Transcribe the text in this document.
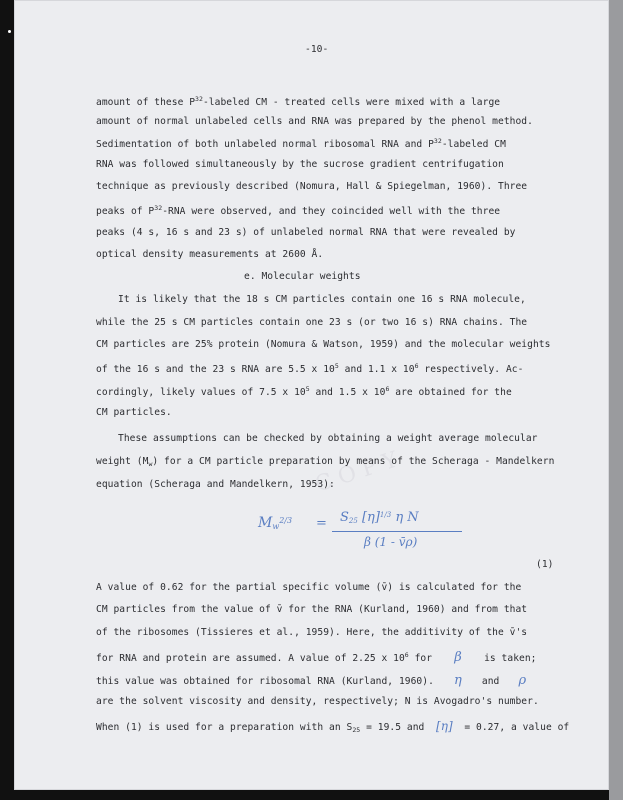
C O P Y
-10-
amount of these $P^{32}$-labeled CM - treated cells were mixed with a large
amount of normal unlabeled cells and RNA was prepared by the phenol method.
Sedimentation of both unlabeled normal ribosomal RNA and $P^{32}$-labeled CM
RNA was followed simultaneously by the sucrose gradient centrifugation
technique as previously described (Nomura, Hall & Spiegelman, 1960). Three
peaks of $P^{32}$-RNA were observed, and they coincided well with the three
peaks (4 s, 16 s and 23 s) of unlabeled normal RNA that were revealed by
optical density measurements at 2600 Å.
e. Molecular weights
It is likely that the 18 s CM particles contain one 16 s RNA molecule,
while the 25 s CM particles contain one 23 s (or two 16 s) RNA chains. The
CM particles are 25% protein (Nomura & Watson, 1959) and the molecular weights
of the 16 s and the 23 s RNA are 5.5 x $10^5$ and 1.1 x $10^6$ respectively. Ac-
cordingly, likely values of 7.5 x $10^5$ and 1.5 x $10^6$ are obtained for the
CM particles.
These assumptions can be checked by obtaining a weight average molecular
weight $(M_w)$ for a CM particle preparation by means of the Scheraga - Mandelkern
equation (Scheraga and Mandelkern, 1953):
$M_w^{2/3} = S_{25}$ $[\eta]^{1/3}$ η N
β (1 - v̄ρ)
(1)
A value of 0.62 for the partial specific volume (v̄) is calculated for the
CM particles from the value of v̄ for the RNA (Kurland, 1960) and from that
of the ribosomes (Tissieres et al., 1959). Here, the additivity of the v̄'s
for RNA and protein are assumed. A value of 2.25 x $10^6$ for β is taken;
this value was obtained for ribosomal RNA (Kurland, 1960). η and ρ
are the solvent viscosity and density, respectively; N is Avogadro's number.
When (1) is used for a preparation with an $S_{25} = 19.5$ and [η] = 0.27, a value of
